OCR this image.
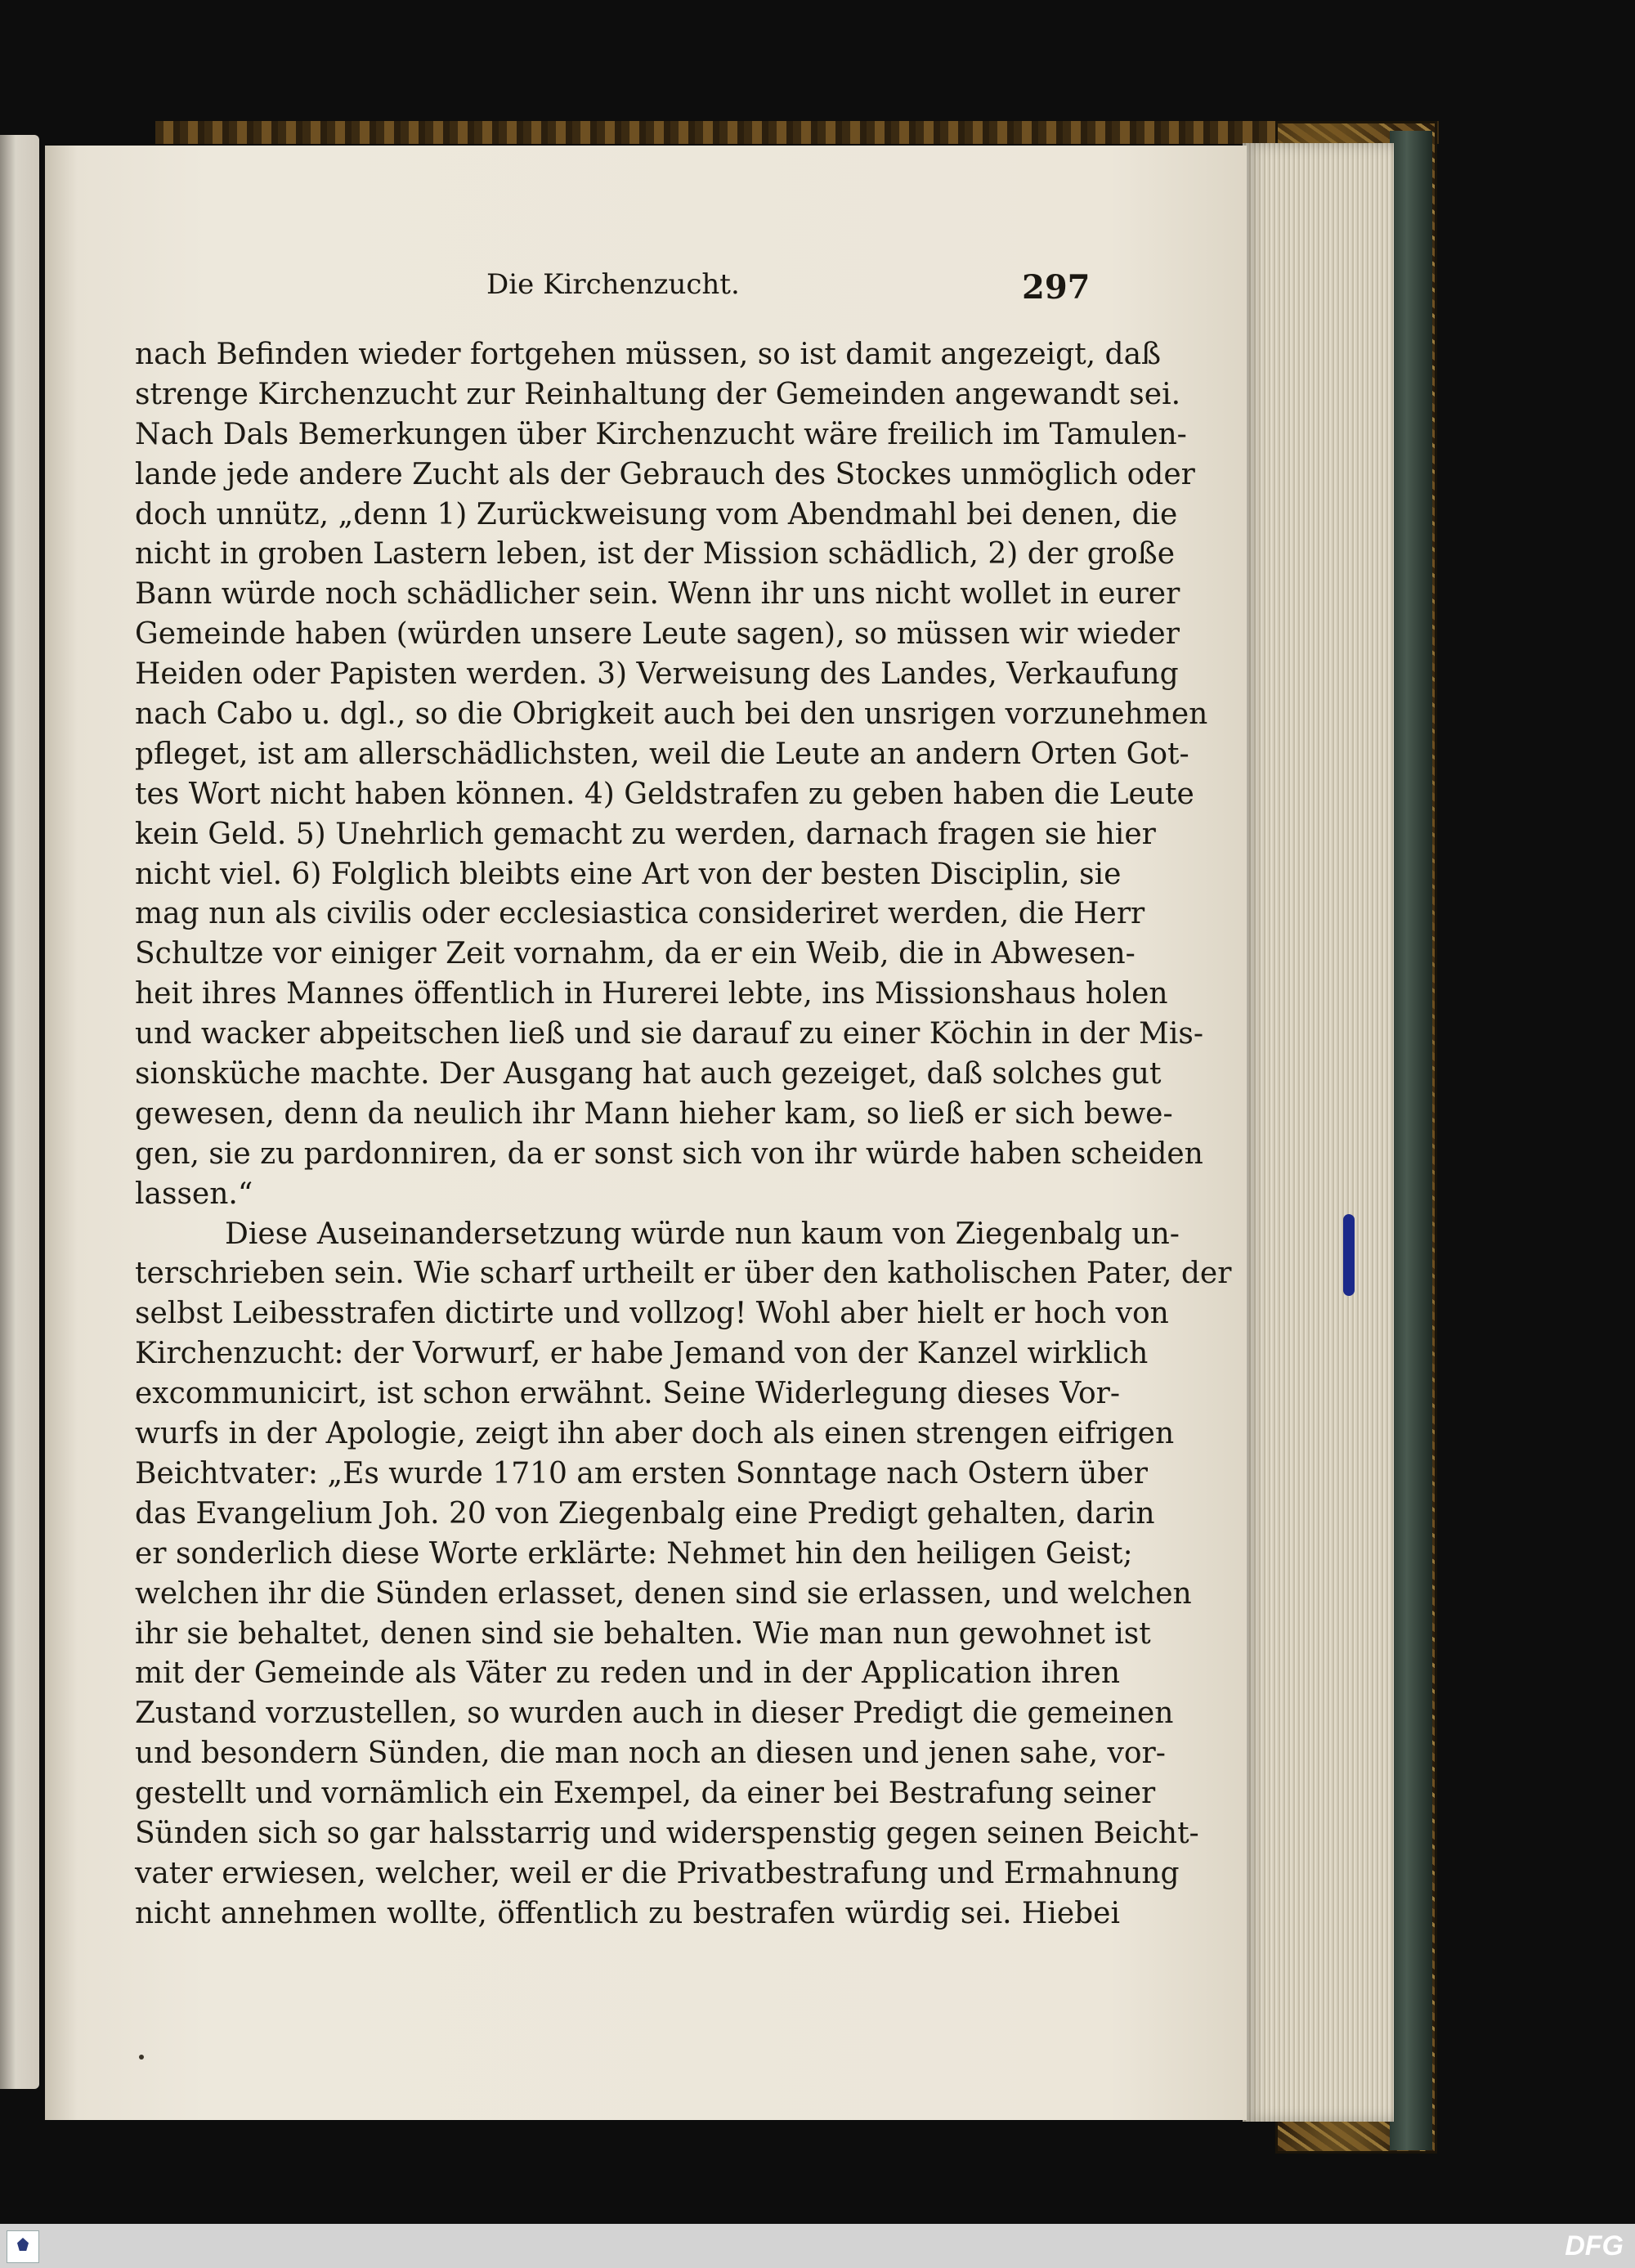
Die Kirchenzucht.	297
nach Befinden wieder fortgehen müssen, so ist damit angezeigt, daß
strenge Kirchenzucht zur Reinhaltung der Gemeinden angewandt sei.
Nach Dals Bemerkungen über Kirchenzucht wäre freilich im Tamulen-
lande jede andere Zucht als der Gebrauch des Stockes unmöglich oder
doch unnütz, „denn 1) Zurückweisung vom Abendmahl bei denen, die
nicht in groben Lastern leben, ist der Mission schädlich, 2) der große
Bann würde noch schädlicher sein. Wenn ihr uns nicht wollet in eurer
Gemeinde haben (würden unsere Leute sagen), so müssen wir wieder
Heiden oder Papisten werden. 3) Verweisung des Landes, Verkaufung
nach Cabo u. dgl., so die Obrigkeit auch bei den unsrigen vorzunehmen
pfleget, ist am allerschädlichsten, weil die Leute an andern Orten Got-
tes Wort nicht haben können. 4) Geldstrafen zu geben haben die Leute
kein Geld. 5) Unehrlich gemacht zu werden, darnach fragen sie hier
nicht viel. 6) Folglich bleibts eine Art von der besten Disciplin, sie
mag nun als civilis oder ecclesiastica consideriret werden, die Herr
Schultze vor einiger Zeit vornahm, da er ein Weib, die in Abwesen-
heit ihres Mannes öffentlich in Hurerei lebte, ins Missionshaus holen
und wacker abpeitschen ließ und sie darauf zu einer Köchin in der Mis-
sionsküche machte. Der Ausgang hat auch gezeiget, daß solches gut
gewesen, denn da neulich ihr Mann hieher kam, so ließ er sich bewe-
gen, sie zu pardonniren, da er sonst sich von ihr würde haben scheiden
lassen.“
Diese Auseinandersetzung würde nun kaum von Ziegenbalg un-
terschrieben sein. Wie scharf urtheilt er über den katholischen Pater, der
selbst Leibesstrafen dictirte und vollzog! Wohl aber hielt er hoch von
Kirchenzucht: der Vorwurf, er habe Jemand von der Kanzel wirklich
excommunicirt, ist schon erwähnt. Seine Widerlegung dieses Vor-
wurfs in der Apologie, zeigt ihn aber doch als einen strengen eifrigen
Beichtvater: „Es wurde 1710 am ersten Sonntage nach Ostern über
das Evangelium Joh. 20 von Ziegenbalg eine Predigt gehalten, darin
er sonderlich diese Worte erklärte: Nehmet hin den heiligen Geist;
welchen ihr die Sünden erlasset, denen sind sie erlassen, und welchen
ihr sie behaltet, denen sind sie behalten. Wie man nun gewohnet ist
mit der Gemeinde als Väter zu reden und in der Application ihren
Zustand vorzustellen, so wurden auch in dieser Predigt die gemeinen
und besondern Sünden, die man noch an diesen und jenen sahe, vor-
gestellt und vornämlich ein Exempel, da einer bei Bestrafung seiner
Sünden sich so gar halsstarrig und widerspenstig gegen seinen Beicht-
vater erwiesen, welcher, weil er die Privatbestrafung und Ermahnung
nicht annehmen wollte, öffentlich zu bestrafen würdig sei. Hiebei
DFG
